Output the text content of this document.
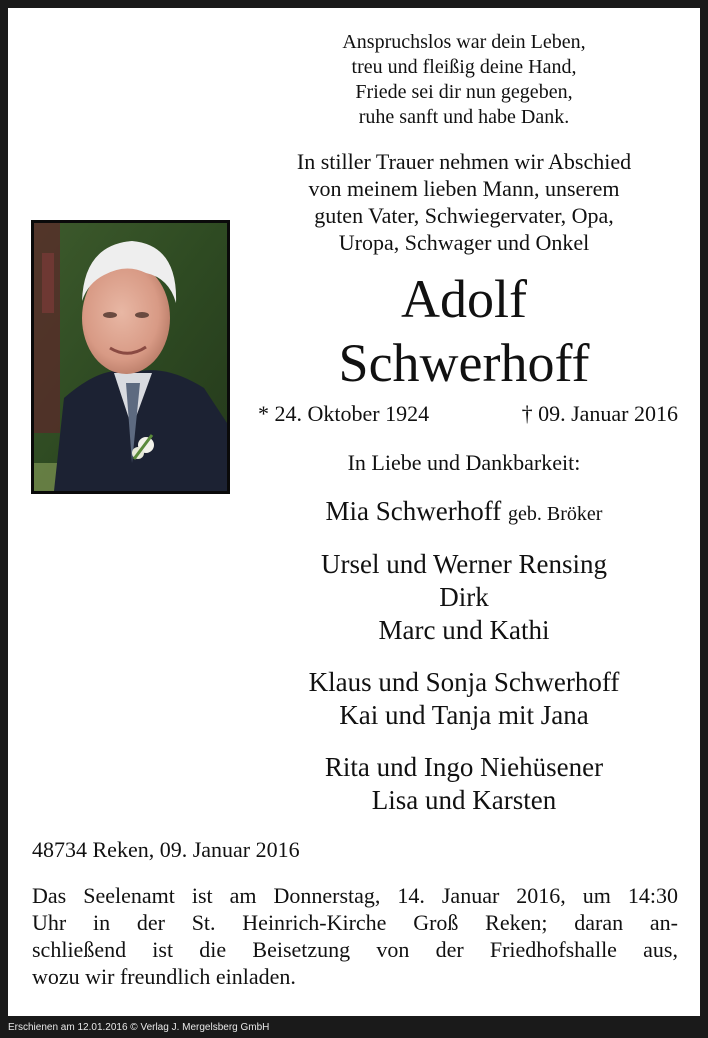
Anspruchslos war dein Leben,
treu und fleißig deine Hand,
Friede sei dir nun gegeben,
ruhe sanft und habe Dank.
In stiller Trauer nehmen wir Abschied
von meinem lieben Mann, unserem
guten Vater, Schwiegervater, Opa,
Uropa, Schwager und Onkel
Adolf
Schwerhoff
* 24. Oktober 1924	† 09. Januar 2016
In Liebe und Dankbarkeit:
Mia Schwerhoff geb. Bröker
Ursel und Werner Rensing
Dirk
Marc und Kathi
Klaus und Sonja Schwerhoff
Kai und Tanja mit Jana
Rita und Ingo Niehüsener
Lisa und Karsten
48734 Reken, 09. Januar 2016
Das Seelenamt ist am Donnerstag, 14. Januar 2016, um 14:30
Uhr in der St. Heinrich-Kirche Groß Reken; daran an-
schließend ist die Beisetzung von der Friedhofshalle aus,
wozu wir freundlich einladen.
Erschienen am 12.01.2016 © Verlag J. Mergelsberg GmbH
